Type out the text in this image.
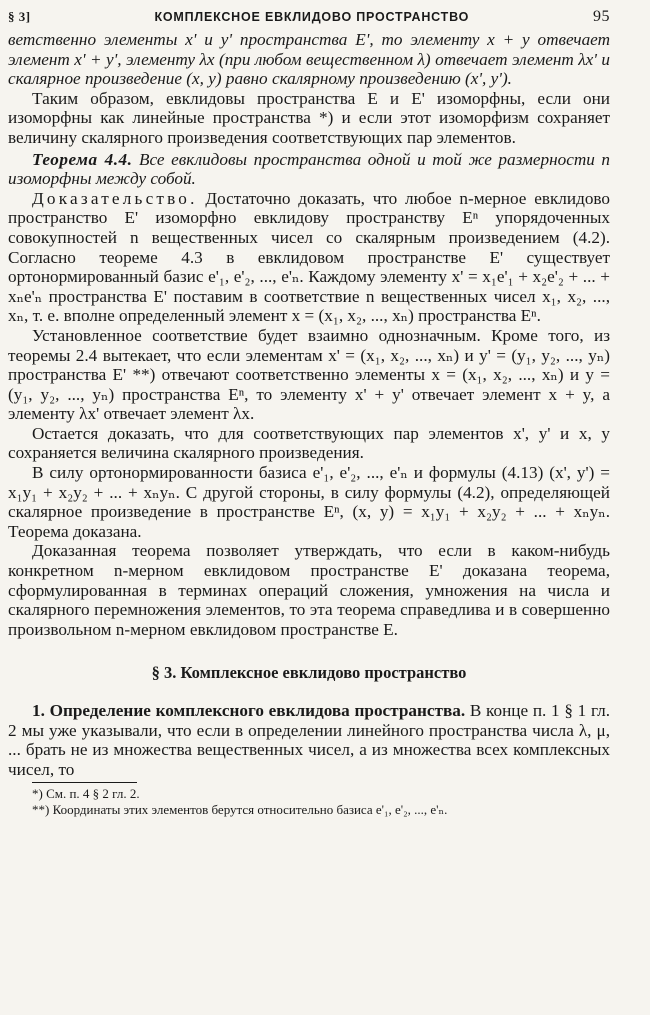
§ 3]	КОМПЛЕКСНОЕ ЕВКЛИДОВО ПРОСТРАНСТВО	95

ветственно элементы x' и y' пространства E', то элементу x + y отвечает элемент x' + y', элементу λx (при любом вещественном λ) отвечает элемент λx' и скалярное произведение (x, y) равно скалярному произведению (x', y').

Таким образом, евклидовы пространства E и E' изоморфны, если они изоморфны как линейные пространства *) и если этот изоморфизм сохраняет величину скалярного произведения соответствующих пар элементов.

Теорема 4.4. Все евклидовы пространства одной и той же размерности n изоморфны между собой.

Доказательство. Достаточно доказать, что любое n-мерное евклидово пространство E' изоморфно евклидову пространству Eⁿ упорядоченных совокупностей n вещественных чисел со скалярным произведением (4.2). Согласно теореме 4.3 в евклидовом пространстве E' существует ортонормированный базис e'₁, e'₂, ..., e'ₙ. Каждому элементу x' = x₁e'₁ + x₂e'₂ + ... + xₙe'ₙ пространства E' поставим в соответствие n вещественных чисел x₁, x₂, ..., xₙ, т. е. вполне определенный элемент x = (x₁, x₂, ..., xₙ) пространства Eⁿ.

Установленное соответствие будет взаимно однозначным. Кроме того, из теоремы 2.4 вытекает, что если элементам x' = (x₁, x₂, ..., xₙ) и y' = (y₁, y₂, ..., yₙ) пространства E' **) отвечают соответственно элементы x = (x₁, x₂, ..., xₙ) и y = (y₁, y₂, ..., yₙ) пространства Eⁿ, то элементу x' + y' отвечает элемент x + y, а элементу λx' отвечает элемент λx.

Остается доказать, что для соответствующих пар элементов x', y' и x, y сохраняется величина скалярного произведения.

В силу ортонормированности базиса e'₁, e'₂, ..., e'ₙ и формулы (4.13) (x', y') = x₁y₁ + x₂y₂ + ... + xₙyₙ. С другой стороны, в силу формулы (4.2), определяющей скалярное произведение в пространстве Eⁿ, (x, y) = x₁y₁ + x₂y₂ + ... + xₙyₙ. Теорема доказана.

Доказанная теорема позволяет утверждать, что если в каком-нибудь конкретном n-мерном евклидовом пространстве E' доказана теорема, сформулированная в терминах операций сложения, умножения на числа и скалярного перемножения элементов, то эта теорема справедлива и в совершенно произвольном n-мерном евклидовом пространстве E.

§ 3. Комплексное евклидово пространство

1. Определение комплексного евклидова пространства. В конце п. 1 § 1 гл. 2 мы уже указывали, что если в определении линейного пространства числа λ, μ, ... брать не из множества вещественных чисел, а из множества всех комплексных чисел, то

*) См. п. 4 § 2 гл. 2.
**) Координаты этих элементов берутся относительно базиса e'₁, e'₂, ..., e'ₙ.
